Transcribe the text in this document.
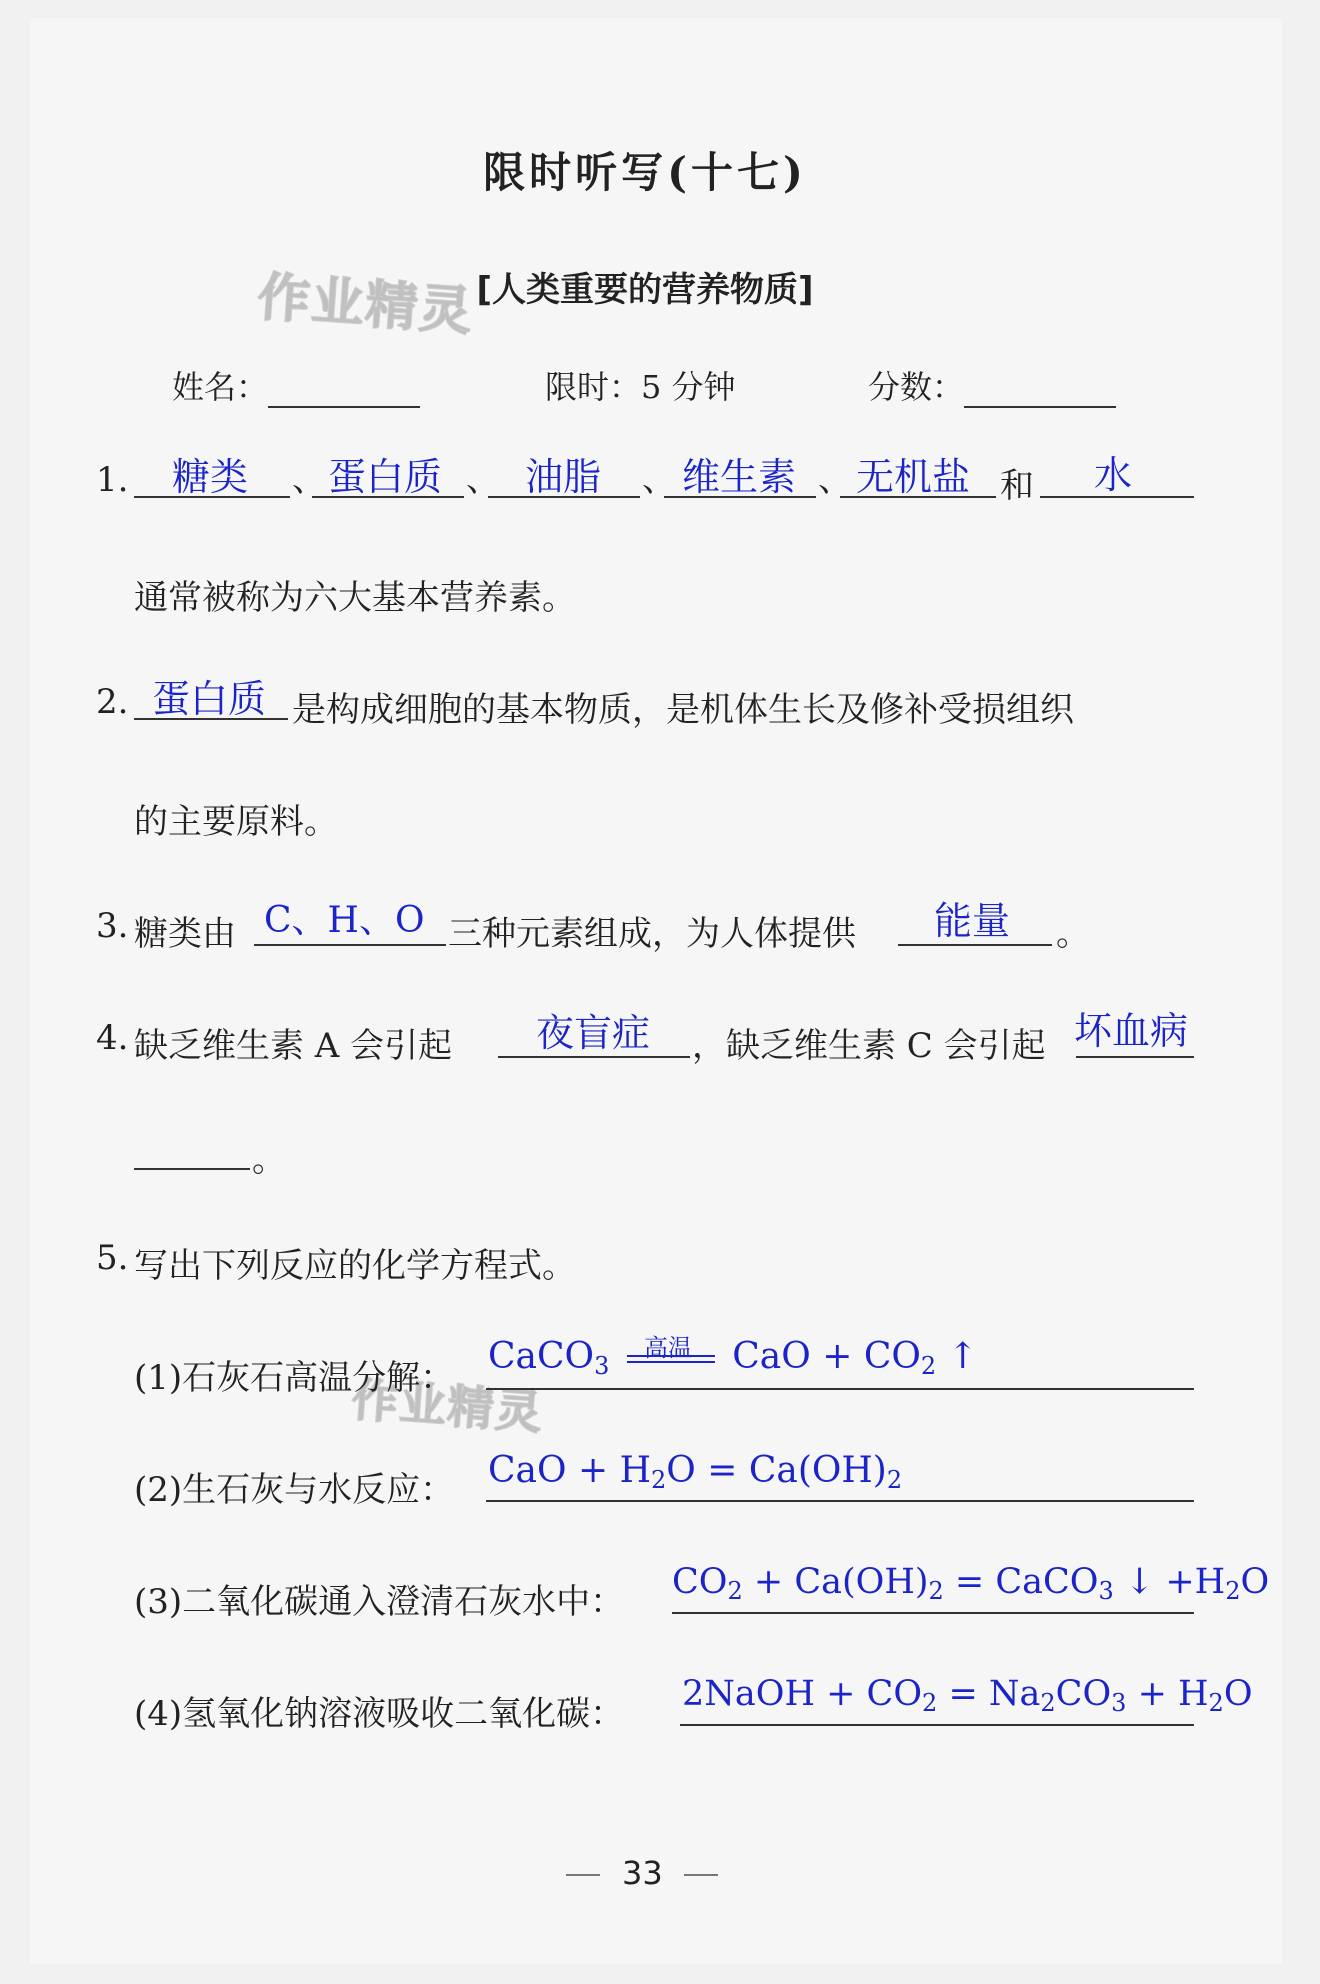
作业精灵
作业精灵
限时听写(十七)
[人类重要的营养物质]
姓名：	限时：5 分钟	分数：
1.	、	、	、	、	和
糖类 蛋白质 油脂 维生素 无机盐	水
通常被称为六大基本营养素。
2. 蛋白质 是构成细胞的基本物质，是机体生长及修补受损组织
的主要原料。
3. 糖类由 C、H、O 三种元素组成，为人体提供 能量 。
4. 缺乏维生素 A 会引起 夜盲症 ，缺乏维生素 C 会引起 坏血病
。
5. 写出下列反应的化学方程式。
(1)石灰石高温分解：
CaCO$_3$	CaO + $CO_2$ ↑
高温
(2)生石灰与水反应： CaO + $H_2O = Ca(OH)_2$
(3)二氧化碳通入澄清石灰水中： $CO_2 + Ca(OH)_2$ = CaCO$_3$ ↓ $+H_2O$
(4)氢氧化钠溶液吸收二氧化碳： 2NaOH + $CO_2 = Na_2CO_3 + H_2O$
33
